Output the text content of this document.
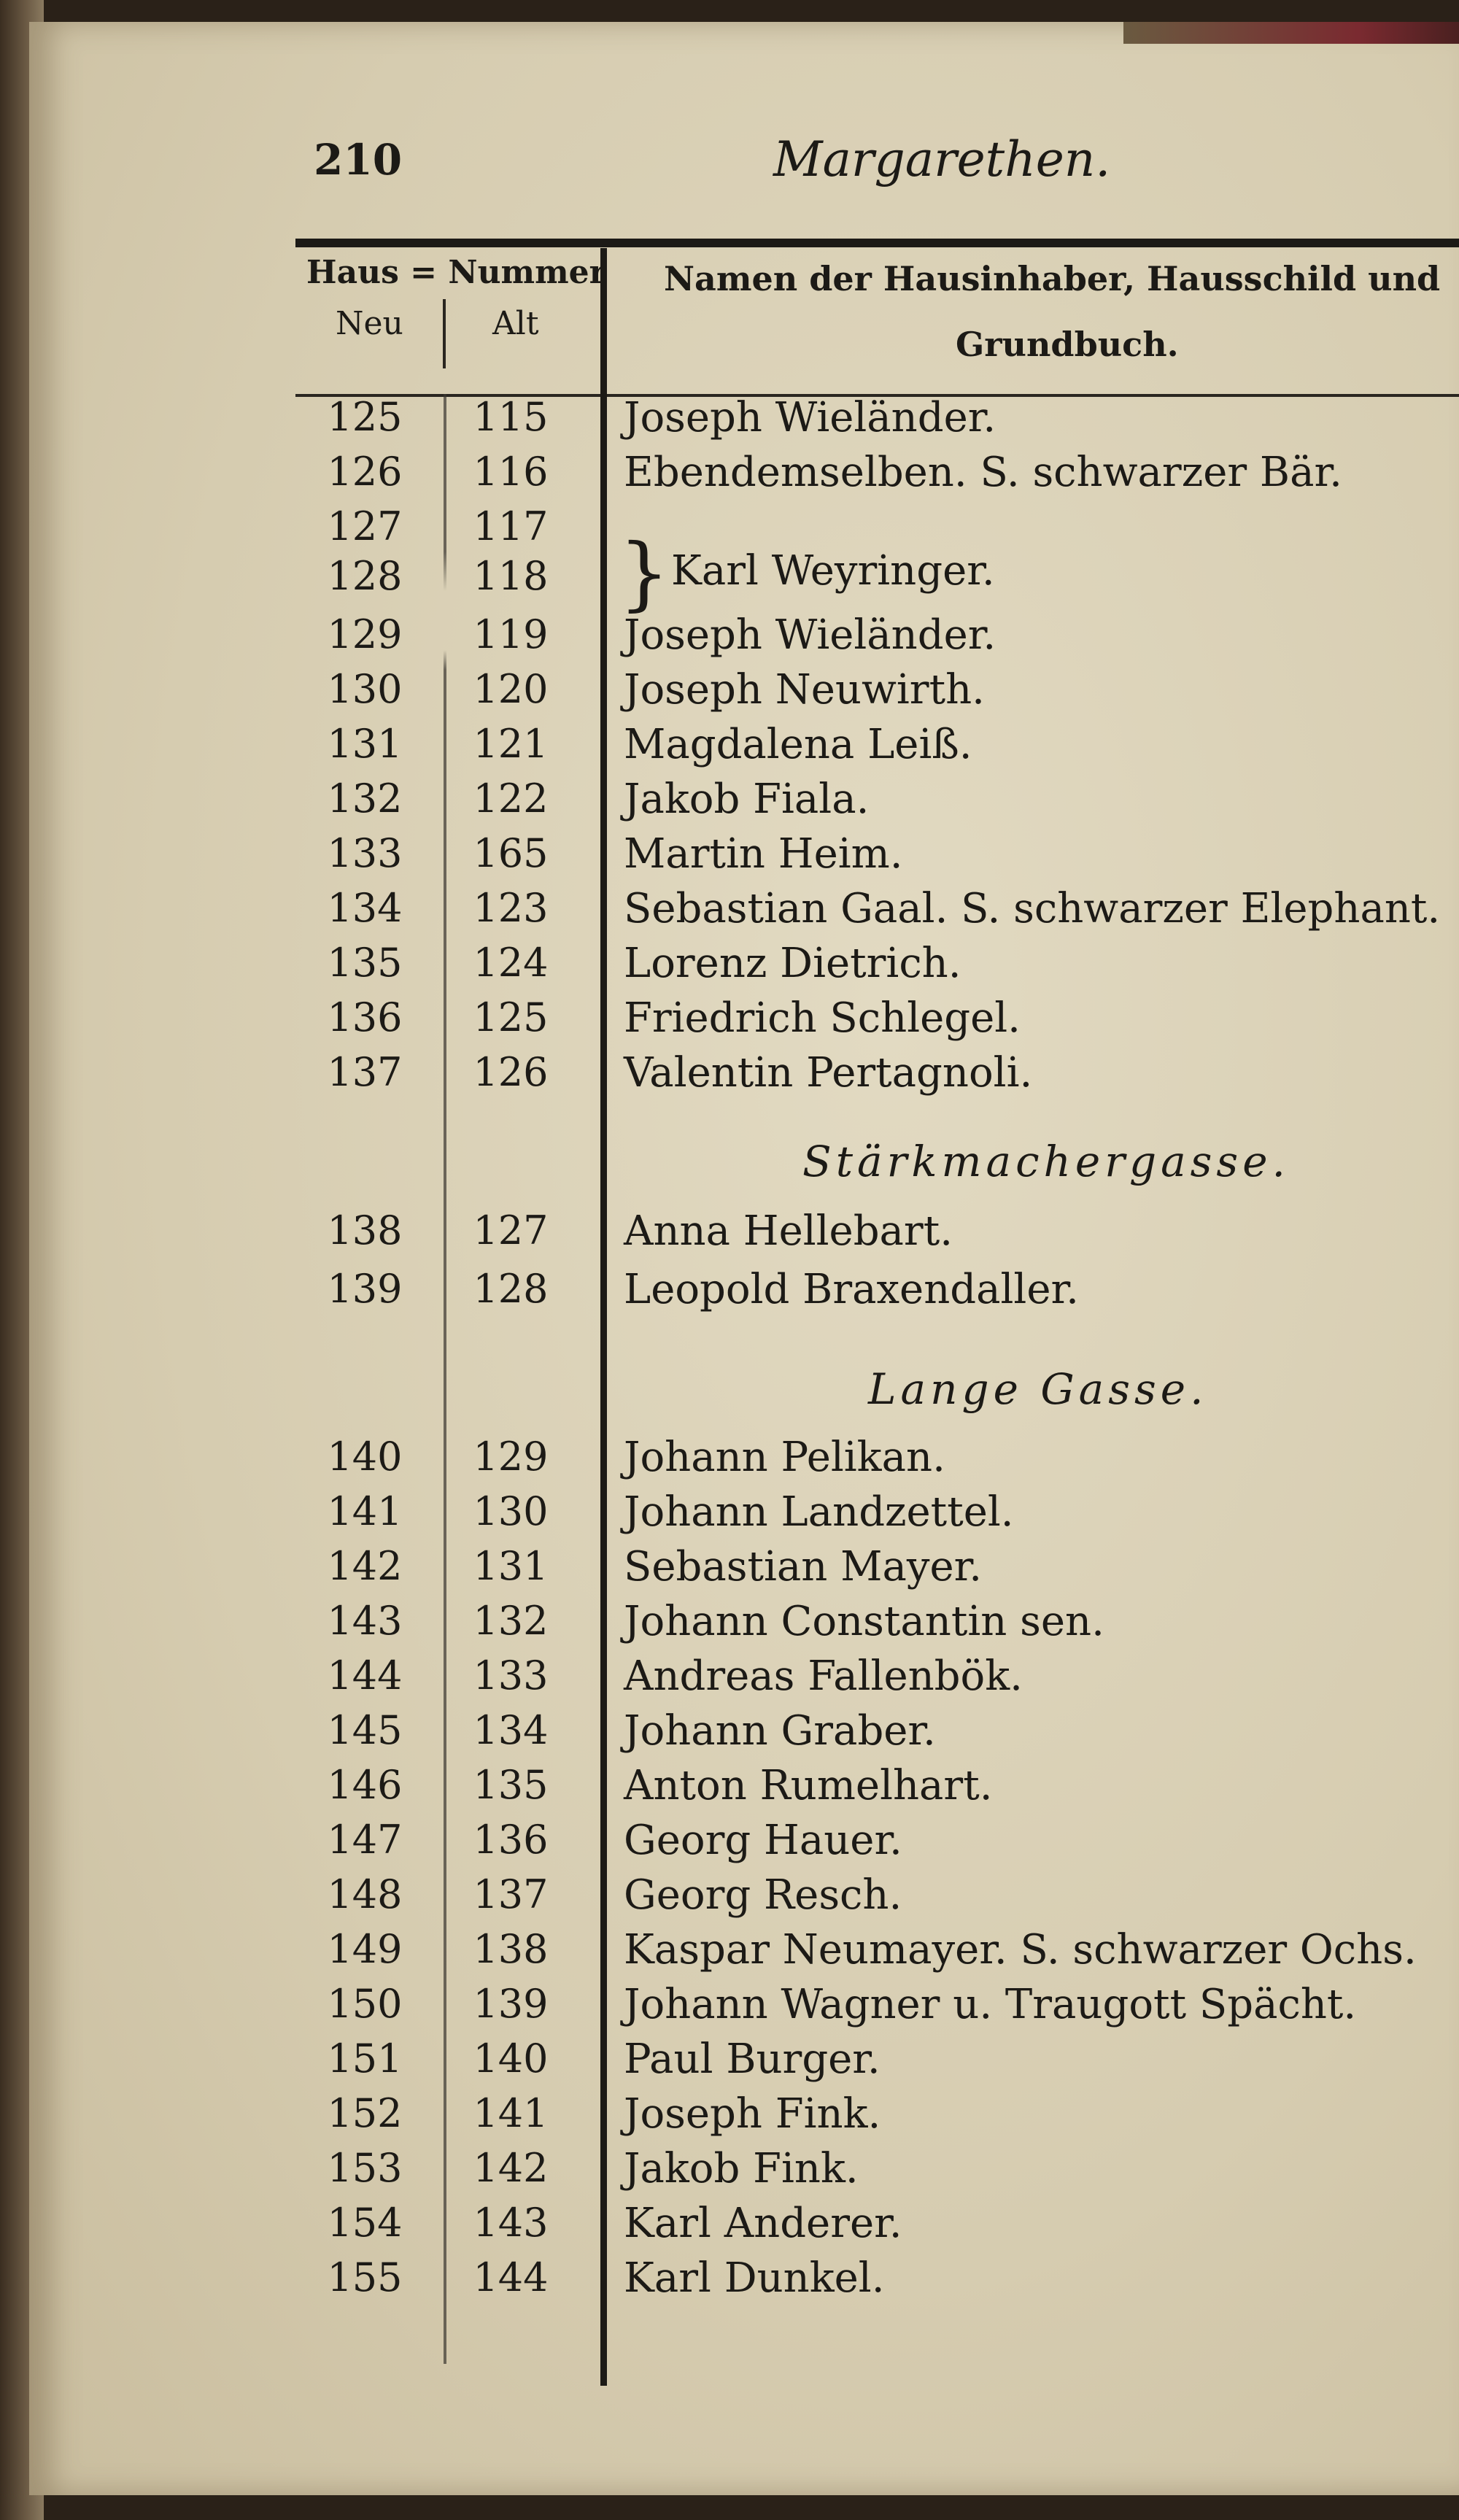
210	Margarethen.
Haus = Nummer
Neu	Alt
Namen der Hausinhaber, Hausschild und
Grundbuch.
125	115	Joseph Wieländer.
126	116	Ebendemselben. S. schwarzer Bär.
127	117
128	118 } Karl Weyringer.
129	119	Joseph Wieländer.
130	120	Joseph Neuwirth.
131	121	Magdalena Leiß.
132	122	Jakob Fiala.
133	165	Martin Heim.
134	123	Sebastian Gaal. S. schwarzer Elephant.
135	124	Lorenz Dietrich.
136	125	Friedrich Schlegel.
137	126	Valentin Pertagnoli.
Stärkmachergasse.
138	127	Anna Hellebart.
139	128	Leopold Braxendaller.
Lange Gasse.
140	129	Johann Pelikan.
141	130	Johann Landzettel.
142	131	Sebastian Mayer.
143	132	Johann Constantin sen.
144	133	Andreas Fallenbök.
145	134	Johann Graber.
146	135	Anton Rumelhart.
147	136	Georg Hauer.
148	137	Georg Resch.
149	138	Kaspar Neumayer. S. schwarzer Ochs.
150	139	Johann Wagner u. Traugott Spächt.
151	140	Paul Burger.
152	141	Joseph Fink.
153	142	Jakob Fink.
154	143	Karl Anderer.
155	144	Karl Dunkel.
